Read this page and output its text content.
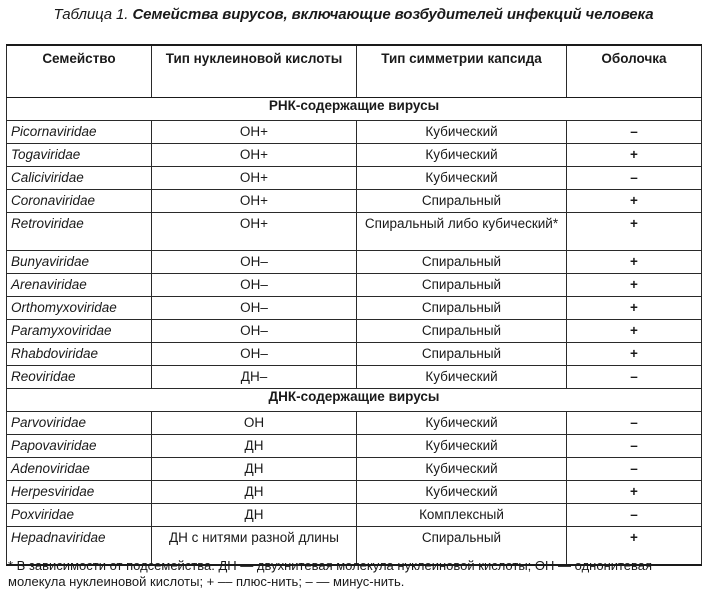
Таблица 1. Семейства вирусов, включающие возбудителей инфекций человека
Семейство	Тип нуклеиновой кислоты	Тип симметрии капсида	Оболочка
РНК-содержащие вирусы			
Picornaviridae	ОН+	Кубический	–
Togaviridae	ОН+	Кубический	+
Caliciviridae	ОН+	Кубический	–
Coronaviridae	ОН+	Спиральный	+
Retroviridae	ОН+	Спиральный либо кубический*	+
Bunyaviridae	ОН–	Спиральный	+
Arenaviridae	ОН–	Спиральный	+
Orthomyxoviridae	ОН–	Спиральный	+
Paramyxoviridae	ОН–	Спиральный	+
Rhabdoviridae	ОН–	Спиральный	+
Reoviridae	ДН–	Кубический	–
ДНК-содержащие вирусы			
Parvoviridae	ОН	Кубический	–
Papovaviridae	ДН	Кубический	–
Adenoviridae	ДН	Кубический	–
Herpesviridae	ДН	Кубический	+
Poxviridae	ДН	Комплексный	–
Hepadnaviridae	ДН с нитями разной длины	Спиральный	+
* В зависимости от подсемейства. ДН — двухнитевая молекула нуклеиновой кислоты; ОН — однонитевая молекула нуклеиновой кислоты; + –– плюс-нить; – — минус-нить.
